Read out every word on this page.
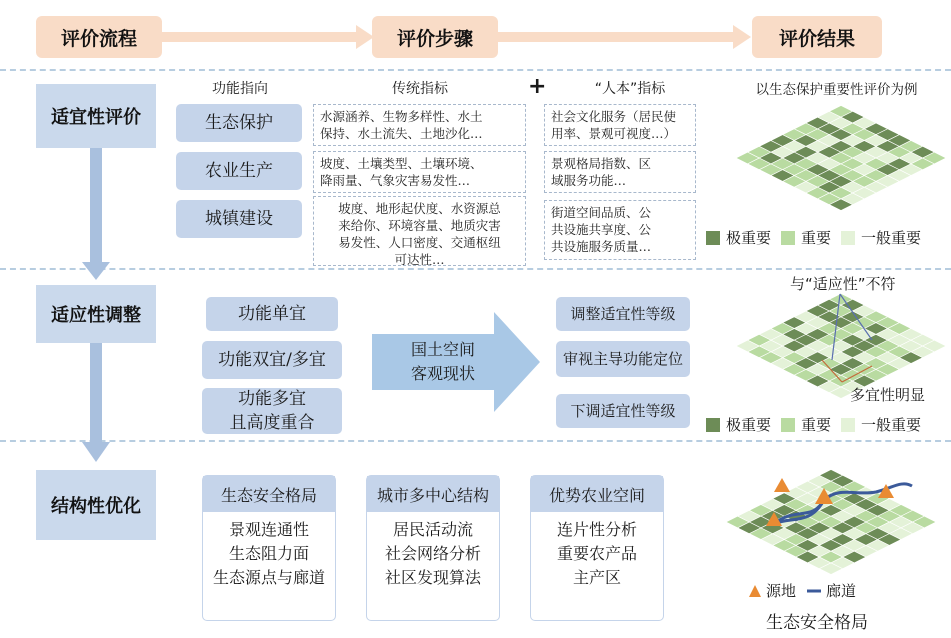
评价流程	评价步骤	评价结果
适宜性评价
适应性调整
结构性优化
功能指向	传统指标	+	“人本”指标	以生态保护重要性评价为例
生态保护
农业生产
城镇建设
水源涵养、生物多样性、水土
保持、水土流失、土地沙化…
坡度、土壤类型、土壤环境、
降雨量、气象灾害易发性…
坡度、地形起伏度、水资源总
来给你、环境容量、地质灾害
易发性、人口密度、交通枢纽
可达性…
社会文化服务（居民使
用率、景观可视度…）
景观格局指数、区
域服务功能…
街道空间品质、公
共设施共享度、公
共设施服务质量…	极重要 重要 一般重要
功能单宜
功能双宜/多宜
功能多宜
且高度重合
国土空间
客观现状
调整适宜性等级
审视主导功能定位
下调适宜性等级
与“适应性”不符
多宜性明显
极重要 重要 一般重要
生态安全格局
景观连通性
生态阻力面
生态源点与廊道
城市多中心结构
居民活动流
社会网络分析
社区发现算法
优势农业空间
连片性分析
重要农产品
主产区
源地 廊道
生态安全格局
